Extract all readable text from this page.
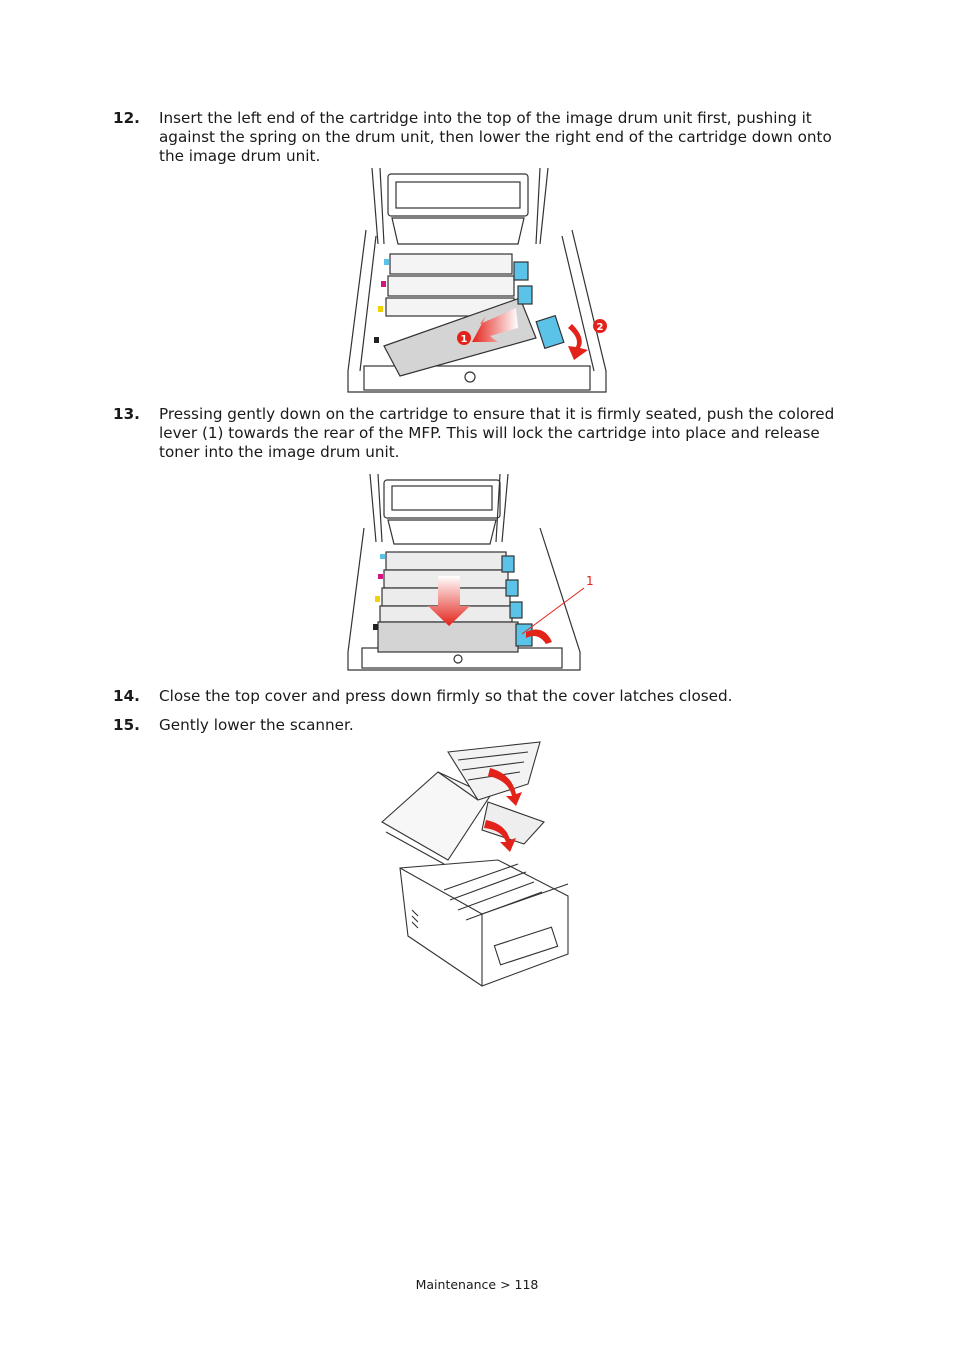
12. Insert the left end of the cartridge into the top of the image drum unit first, pushing it against the spring on the drum unit, then lower the right end of the cartridge down onto the image drum unit.
1
2
13. Pressing gently down on the cartridge to ensure that it is firmly seated, push the colored lever (1) towards the rear of the MFP. This will lock the cartridge into place and release toner into the image drum unit.
1
14. Close the top cover and press down firmly so that the cover latches closed.
15. Gently lower the scanner.
Maintenance > 118
